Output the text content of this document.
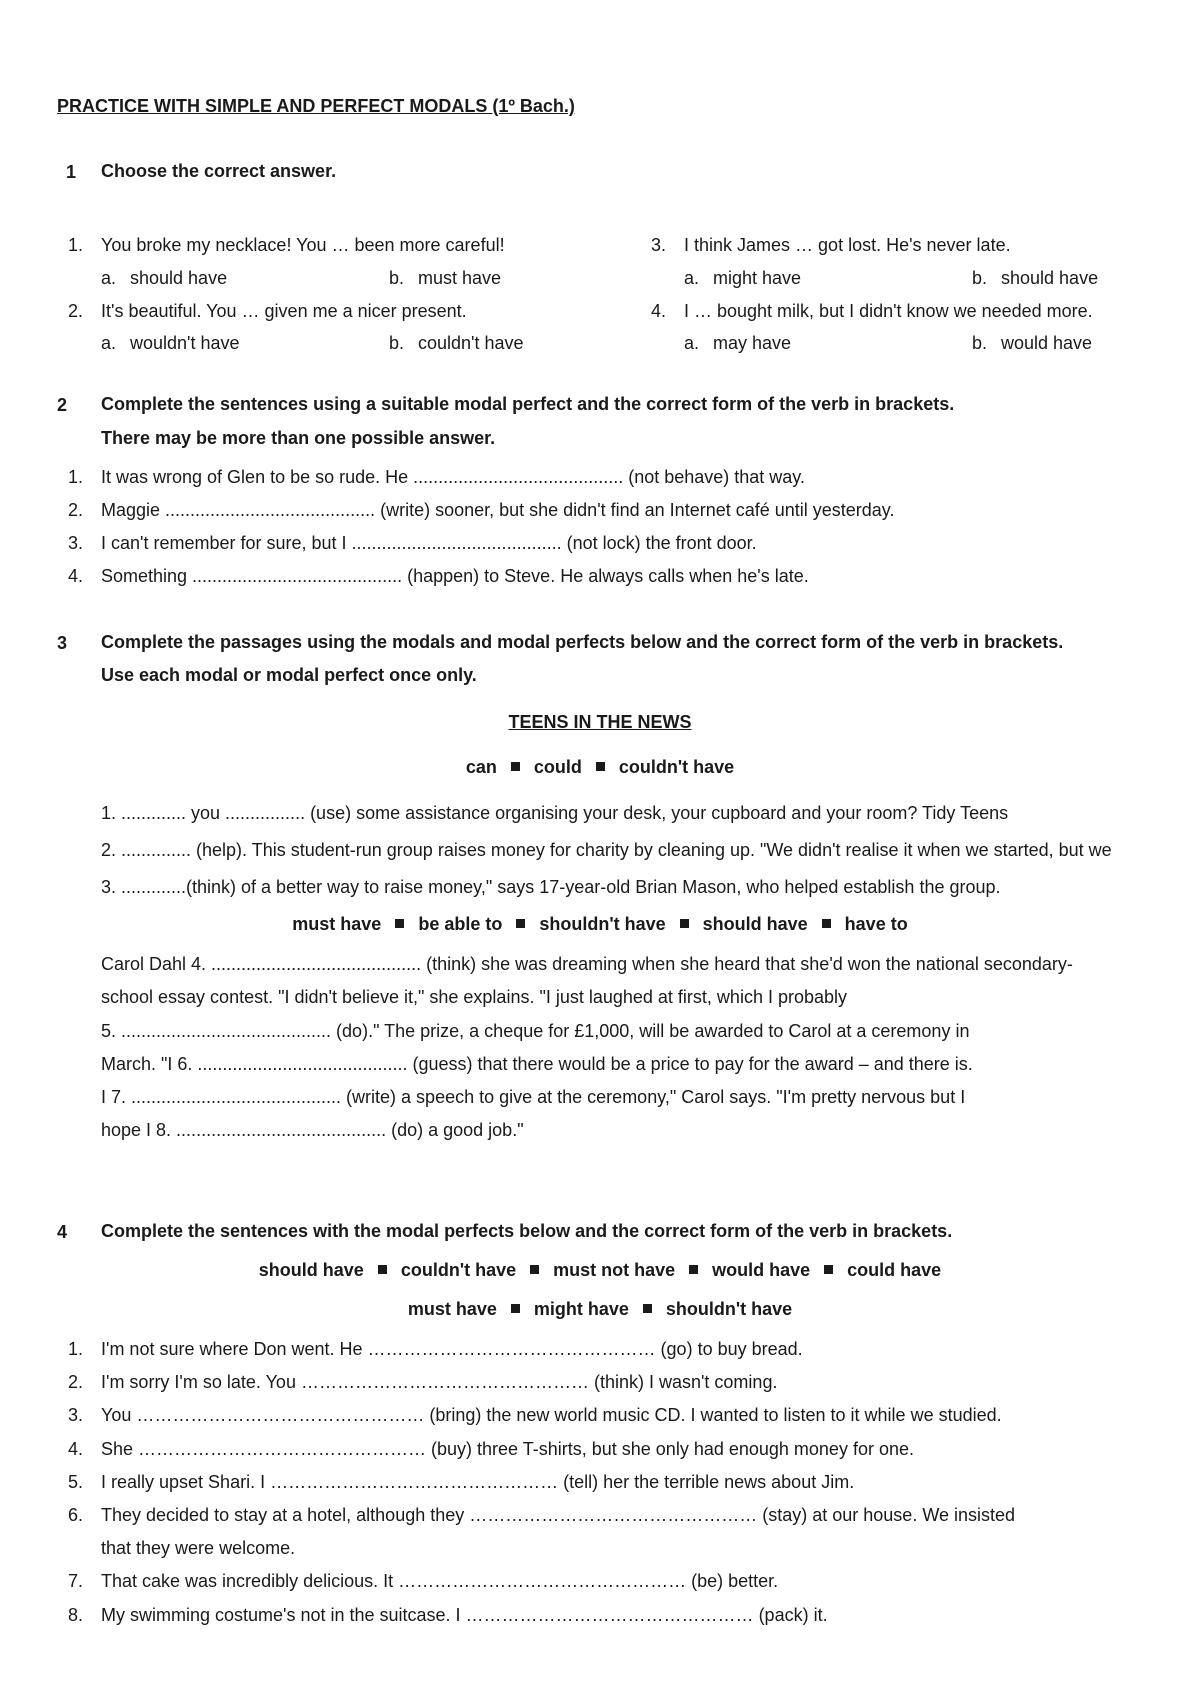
PRACTICE WITH SIMPLE AND PERFECT MODALS (1º Bach.)
1	Choose the correct answer.
1. You broke my necklace! You … been more careful!
a. should have	b. must have
2. It's beautiful. You … given me a nicer present.
a. wouldn't have	b. couldn't have
3. I think James … got lost. He's never late.
a. might have	b. should have
4. I … bought milk, but I didn't know we needed more.
a. may have	b. would have
2	Complete the sentences using a suitable modal perfect and the correct form of the verb in brackets.
There may be more than one possible answer.
1. It was wrong of Glen to be so rude. He .......................................... (not behave) that way.
2. Maggie .......................................... (write) sooner, but she didn't find an Internet café until yesterday.
3. I can't remember for sure, but I .......................................... (not lock) the front door.
4. Something .......................................... (happen) to Steve. He always calls when he's late.
3	Complete the passages using the modals and modal perfects below and the correct form of the verb in brackets.
Use each modal or modal perfect once only.
TEENS IN THE NEWS
can could couldn't have
1. ............. you ................ (use) some assistance organising your desk, your cupboard and your room? Tidy Teens
2. .............. (help). This student-run group raises money for charity by cleaning up. "We didn't realise it when we started, but we
3. .............(think) of a better way to raise money," says 17-year-old Brian Mason, who helped establish the group.
must have be able to shouldn't have should have have to
Carol Dahl 4. .......................................... (think) she was dreaming when she heard that she'd won the national secondary-
school essay contest. "I didn't believe it," she explains. "I just laughed at first, which I probably
5. .......................................... (do)." The prize, a cheque for £1,000, will be awarded to Carol at a ceremony in
March. "I 6. .......................................... (guess) that there would be a price to pay for the award – and there is.
I 7. .......................................... (write) a speech to give at the ceremony," Carol says. "I'm pretty nervous but I
hope I 8. .......................................... (do) a good job."
4	Complete the sentences with the modal perfects below and the correct form of the verb in brackets.
should have couldn't have must not have would have could have
must have might have shouldn't have
1. I'm not sure where Don went. He ………………………………………… (go) to buy bread.
2. I'm sorry I'm so late. You ………………………………………… (think) I wasn't coming.
3. You ………………………………………… (bring) the new world music CD. I wanted to listen to it while we studied.
4. She ………………………………………… (buy) three T-shirts, but she only had enough money for one.
5. I really upset Shari. I ………………………………………… (tell) her the terrible news about Jim.
6. They decided to stay at a hotel, although they ………………………………………… (stay) at our house. We insisted
that they were welcome.
7. That cake was incredibly delicious. It ………………………………………… (be) better.
8. My swimming costume's not in the suitcase. I ………………………………………… (pack) it.
